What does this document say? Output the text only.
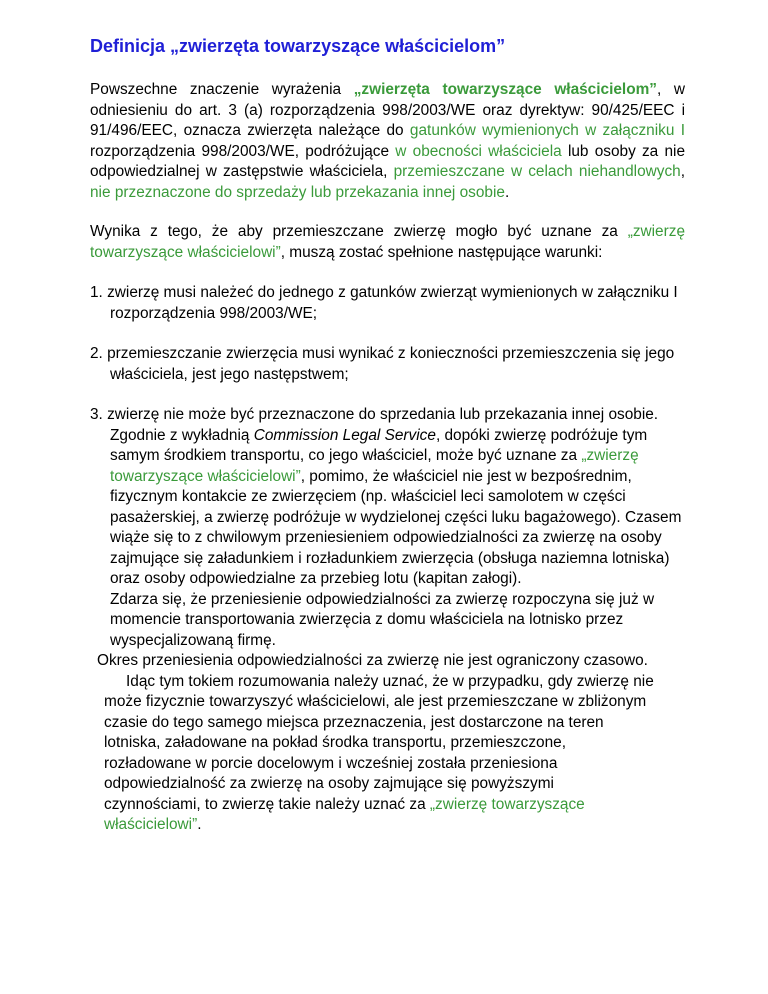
Definicja „zwierzęta towarzyszące właścicielom”

Powszechne znaczenie wyrażenia „zwierzęta towarzyszące właścicielom”, w odniesieniu do art. 3 (a) rozporządzenia 998/2003/WE oraz dyrektyw: 90/425/EEC i 91/496/EEC, oznacza zwierzęta należące do gatunków wymienionych w załączniku I rozporządzenia 998/2003/WE, podróżujące w obecności właściciela lub osoby za nie odpowiedzialnej w zastępstwie właściciela, przemieszczane w celach niehandlowych, nie przeznaczone do sprzedaży lub przekazania innej osobie.

Wynika z tego, że aby przemieszczane zwierzę mogło być uznane za „zwierzę towarzyszące właścicielowi”, muszą zostać spełnione następujące warunki:

1. zwierzę musi należeć do jednego z gatunków zwierząt wymienionych w załączniku I rozporządzenia 998/2003/WE;
2. przemieszczanie zwierzęcia musi wynikać z konieczności przemieszczenia się jego właściciela, jest jego następstwem;
3. zwierzę nie może być przeznaczone do sprzedania lub przekazania innej osobie.
Zgodnie z wykładnią Commission Legal Service, dopóki zwierzę podróżuje tym samym środkiem transportu, co jego właściciel, może być uznane za „zwierzę towarzyszące właścicielowi”, pomimo, że właściciel nie jest w bezpośrednim, fizycznym kontakcie ze zwierzęciem (np. właściciel leci samolotem w części pasażerskiej, a zwierzę podróżuje w wydzielonej części luku bagażowego). Czasem wiąże się to z chwilowym przeniesieniem odpowiedzialności za zwierzę na osoby zajmujące się załadunkiem i rozładunkiem zwierzęcia (obsługa naziemna lotniska) oraz osoby odpowiedzialne za przebieg lotu (kapitan załogi).
Zdarza się, że przeniesienie odpowiedzialności za zwierzę rozpoczyna się już w momencie transportowania zwierzęcia z domu właściciela na lotnisko przez wyspecjalizowaną firmę.

Okres przeniesienia odpowiedzialności za zwierzę nie jest ograniczony czasowo.

Idąc tym tokiem rozumowania należy uznać, że w przypadku, gdy zwierzę nie może fizycznie towarzyszyć właścicielowi, ale jest przemieszczane w zbliżonym czasie do tego samego miejsca przeznaczenia, jest dostarczone na teren lotniska, załadowane na pokład środka transportu, przemieszczone, rozładowane w porcie docelowym i wcześniej została przeniesiona odpowiedzialność za zwierzę na osoby zajmujące się powyższymi czynnościami, to zwierzę takie należy uznać za „zwierzę towarzyszące właścicielowi”.
